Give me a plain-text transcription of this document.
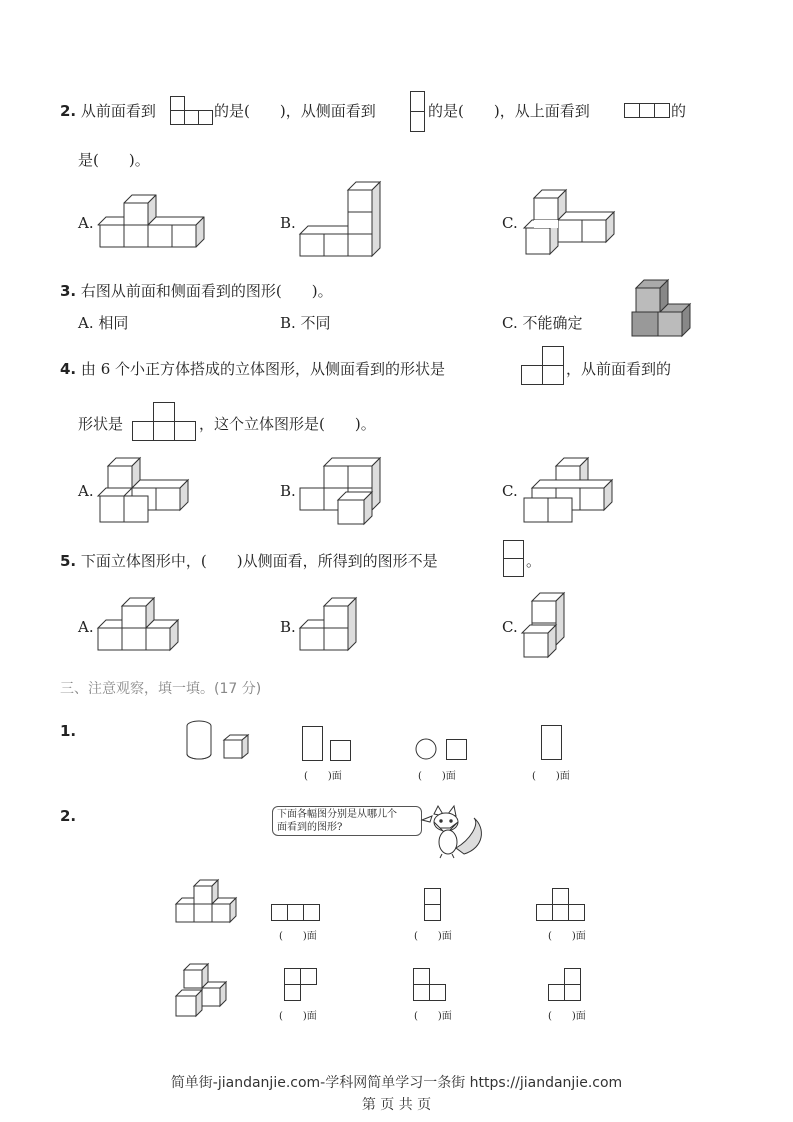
2. 从前面看到	的是(　　)，从侧面看到	的是(　　)，从上面看到	的
是(　　)。
A.	B.	C.
3. 右图从前面和侧面看到的图形(　　)。
A. 相同	B. 不同	C. 不能确定
4. 由 6 个小正方体搭成的立体图形，从侧面看到的形状是	，从前面看到的
形状是	，这个立体图形是(　　)。
A.	B.	C.
5. 下面立体图形中，(　　)从侧面看，所得到的图形不是	。
A.	B.	C.
三、注意观察，填一填。(17 分)
1.
(　　)面	(　　)面	(　　)面
2.	下面各幅图分别是从哪儿个
面看到的图形?
(　　)面	(　　)面	(　　)面
(　　)面	(　　)面	(　　)面
简单街-jiandanjie.com-学科网简单学习一条街 https://jiandanjie.com
第 页 共 页
